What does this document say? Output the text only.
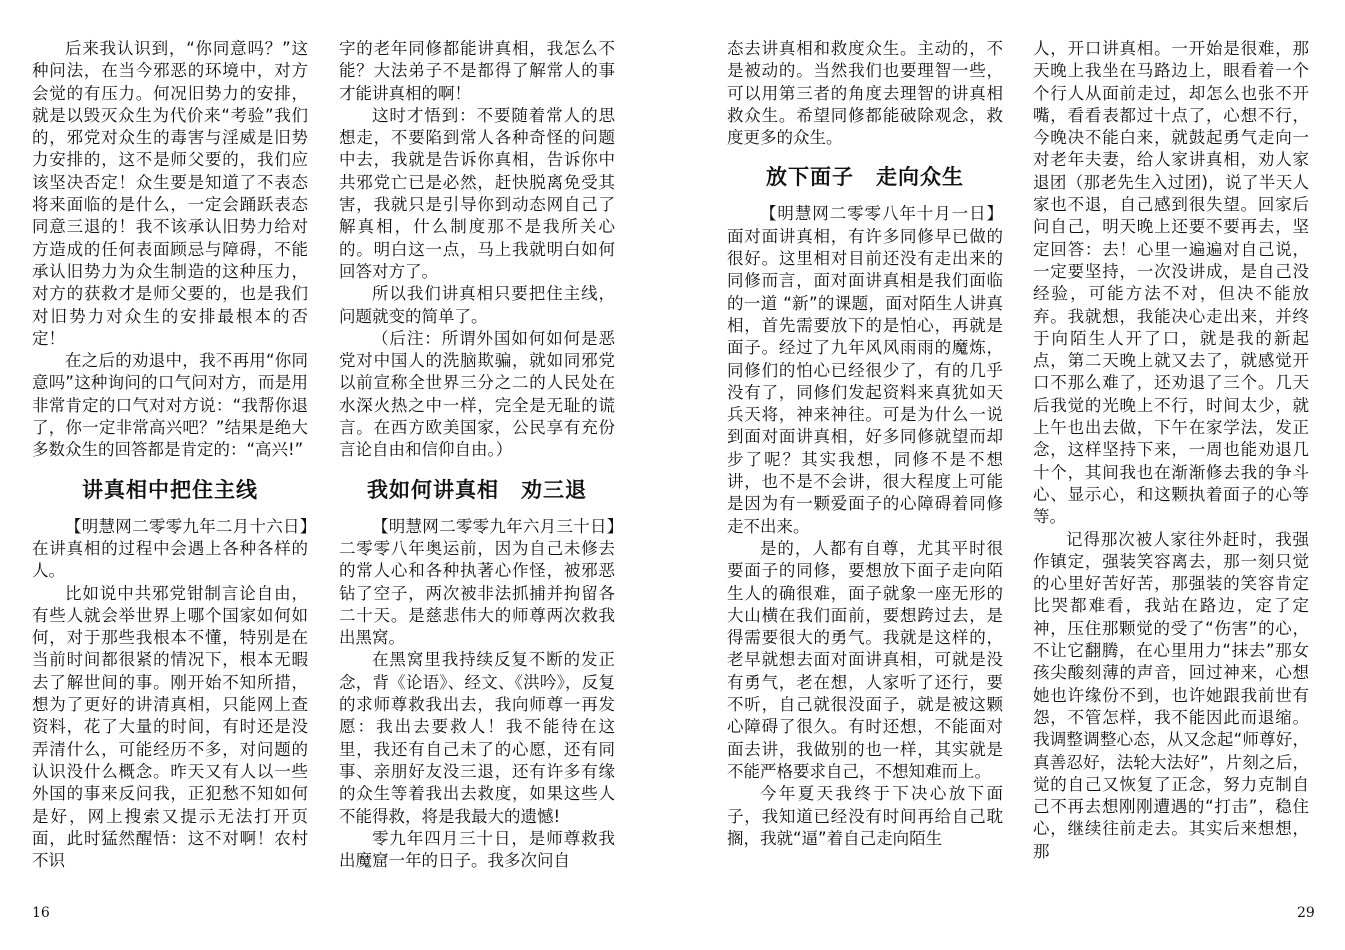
后来我认识到，“你同意吗？”这种问法，在当今邪恶的环境中，对方会觉的有压力。何况旧势力的安排，就是以毁灭众生为代价来“考验”我们的，邪党对众生的毒害与淫威是旧势力安排的，这不是师父要的，我们应该坚决否定！众生要是知道了不表态将来面临的是什么，一定会踊跃表态同意三退的！我不该承认旧势力给对方造成的任何表面顾忌与障碍，不能承认旧势力为众生制造的这种压力，对方的获救才是师父要的，也是我们对旧势力对众生的安排最根本的否定！

在之后的劝退中，我不再用“你同意吗”这种询问的口气问对方，而是用非常肯定的口气对对方说：“我帮你退了，你一定非常高兴吧？”结果是绝大多数众生的回答都是肯定的：“高兴!”

讲真相中把住主线

【明慧网二零零九年二月十六日】在讲真相的过程中会遇上各种各样的人。

比如说中共邪党钳制言论自由，有些人就会举世界上哪个国家如何如何，对于那些我根本不懂，特别是在当前时间都很紧的情况下，根本无暇去了解世间的事。刚开始不知所措，想为了更好的讲清真相，只能网上查资料，花了大量的时间，有时还是没弄清什么，可能经历不多，对问题的认识没什么概念。昨天又有人以一些外国的事来反问我，正犯愁不知如何是好，网上搜索又提示无法打开页面，此时猛然醒悟：这不对啊！农村不识

字的老年同修都能讲真相，我怎么不能？大法弟子不是都得了解常人的事才能讲真相的啊！

这时才悟到：不要随着常人的思想走，不要陷到常人各种奇怪的问题中去，我就是告诉你真相，告诉你中共邪党亡已是必然，赶快脱离免受其害，我就只是引导你到动态网自己了解真相，什么制度那不是我所关心的。明白这一点，马上我就明白如何回答对方了。

所以我们讲真相只要把住主线，问题就变的简单了。

（后注：所谓外国如何如何是恶党对中国人的洗脑欺骗，就如同邪党以前宣称全世界三分之二的人民处在水深火热之中一样，完全是无耻的谎言。在西方欧美国家，公民享有充份言论自由和信仰自由。）

我如何讲真相　劝三退

【明慧网二零零九年六月三十日】二零零八年奥运前，因为自己未修去的常人心和各种执著心作怪，被邪恶钻了空子，两次被非法抓捕并拘留各二十天。是慈悲伟大的师尊两次救我出黑窝。

在黑窝里我持续反复不断的发正念，背《论语》、经文、《洪吟》，反复的求师尊救我出去，我向师尊一再发愿：我出去要救人！我不能待在这里，我还有自己未了的心愿，还有同事、亲朋好友没三退，还有许多有缘的众生等着我出去救度，如果这些人不能得救，将是我最大的遗憾!

零九年四月三十日，是师尊救我出魔窟一年的日子。我多次问自

态去讲真相和救度众生。主动的，不是被动的。当然我们也要理智一些，可以用第三者的角度去理智的讲真相救众生。希望同修都能破除观念，救度更多的众生。

放下面子　走向众生

【明慧网二零零八年十月一日】面对面讲真相，有许多同修早已做的很好。这里相对目前还没有走出来的同修而言，面对面讲真相是我们面临的一道 “新”的课题，面对陌生人讲真相，首先需要放下的是怕心，再就是面子。经过了九年风风雨雨的魔炼，同修们的怕心已经很少了，有的几乎没有了，同修们发起资料来真犹如天兵天将，神来神往。可是为什么一说到面对面讲真相，好多同修就望而却步了呢？其实我想，同修不是不想讲，也不是不会讲，很大程度上可能是因为有一颗爱面子的心障碍着同修走不出来。

是的，人都有自尊，尤其平时很要面子的同修，要想放下面子走向陌生人的确很难，面子就象一座无形的大山横在我们面前，要想跨过去，是得需要很大的勇气。我就是这样的，老早就想去面对面讲真相，可就是没有勇气，老在想，人家听了还行，要不听，自己就很没面子，就是被这颗心障碍了很久。有时还想，不能面对面去讲，我做别的也一样，其实就是不能严格要求自己，不想知难而上。

今年夏天我终于下决心放下面子，我知道已经没有时间再给自己耽搁，我就“逼”着自己走向陌生

人，开口讲真相。一开始是很难，那天晚上我坐在马路边上，眼看着一个个行人从面前走过，却怎么也张不开嘴，看看表都过十点了，心想不行，今晚决不能白来，就鼓起勇气走向一对老年夫妻，给人家讲真相，劝人家退团（那老先生入过团)，说了半天人家也不退，自己感到很失望。回家后问自己，明天晚上还要不要再去，坚定回答：去！心里一遍遍对自己说，一定要坚持，一次没讲成，是自己没经验，可能方法不对，但决不能放弃。我就想，我能决心走出来，并终于向陌生人开了口，就是我的新起点，第二天晚上就又去了，就感觉开口不那么难了，还劝退了三个。几天后我觉的光晚上不行，时间太少，就上午也出去做，下午在家学法，发正念，这样坚持下来，一周也能劝退几十个，其间我也在渐渐修去我的争斗心、显示心，和这颗执着面子的心等等。

记得那次被人家往外赶时，我强作镇定，强装笑容离去，那一刻只觉的心里好苦好苦，那强装的笑容肯定比哭都难看，我站在路边，定了定神，压住那颗觉的受了“伤害”的心，不让它翻腾，在心里用力“抹去”那女孩尖酸刻薄的声音，回过神来，心想她也许缘份不到，也许她跟我前世有怨，不管怎样，我不能因此而退缩。我调整调整心态，从又念起“师尊好，真善忍好，法轮大法好”，片刻之后，觉的自己又恢复了正念，努力克制自己不再去想刚刚遭遇的“打击”，稳住心，继续往前走去。其实后来想想，那

16	29
